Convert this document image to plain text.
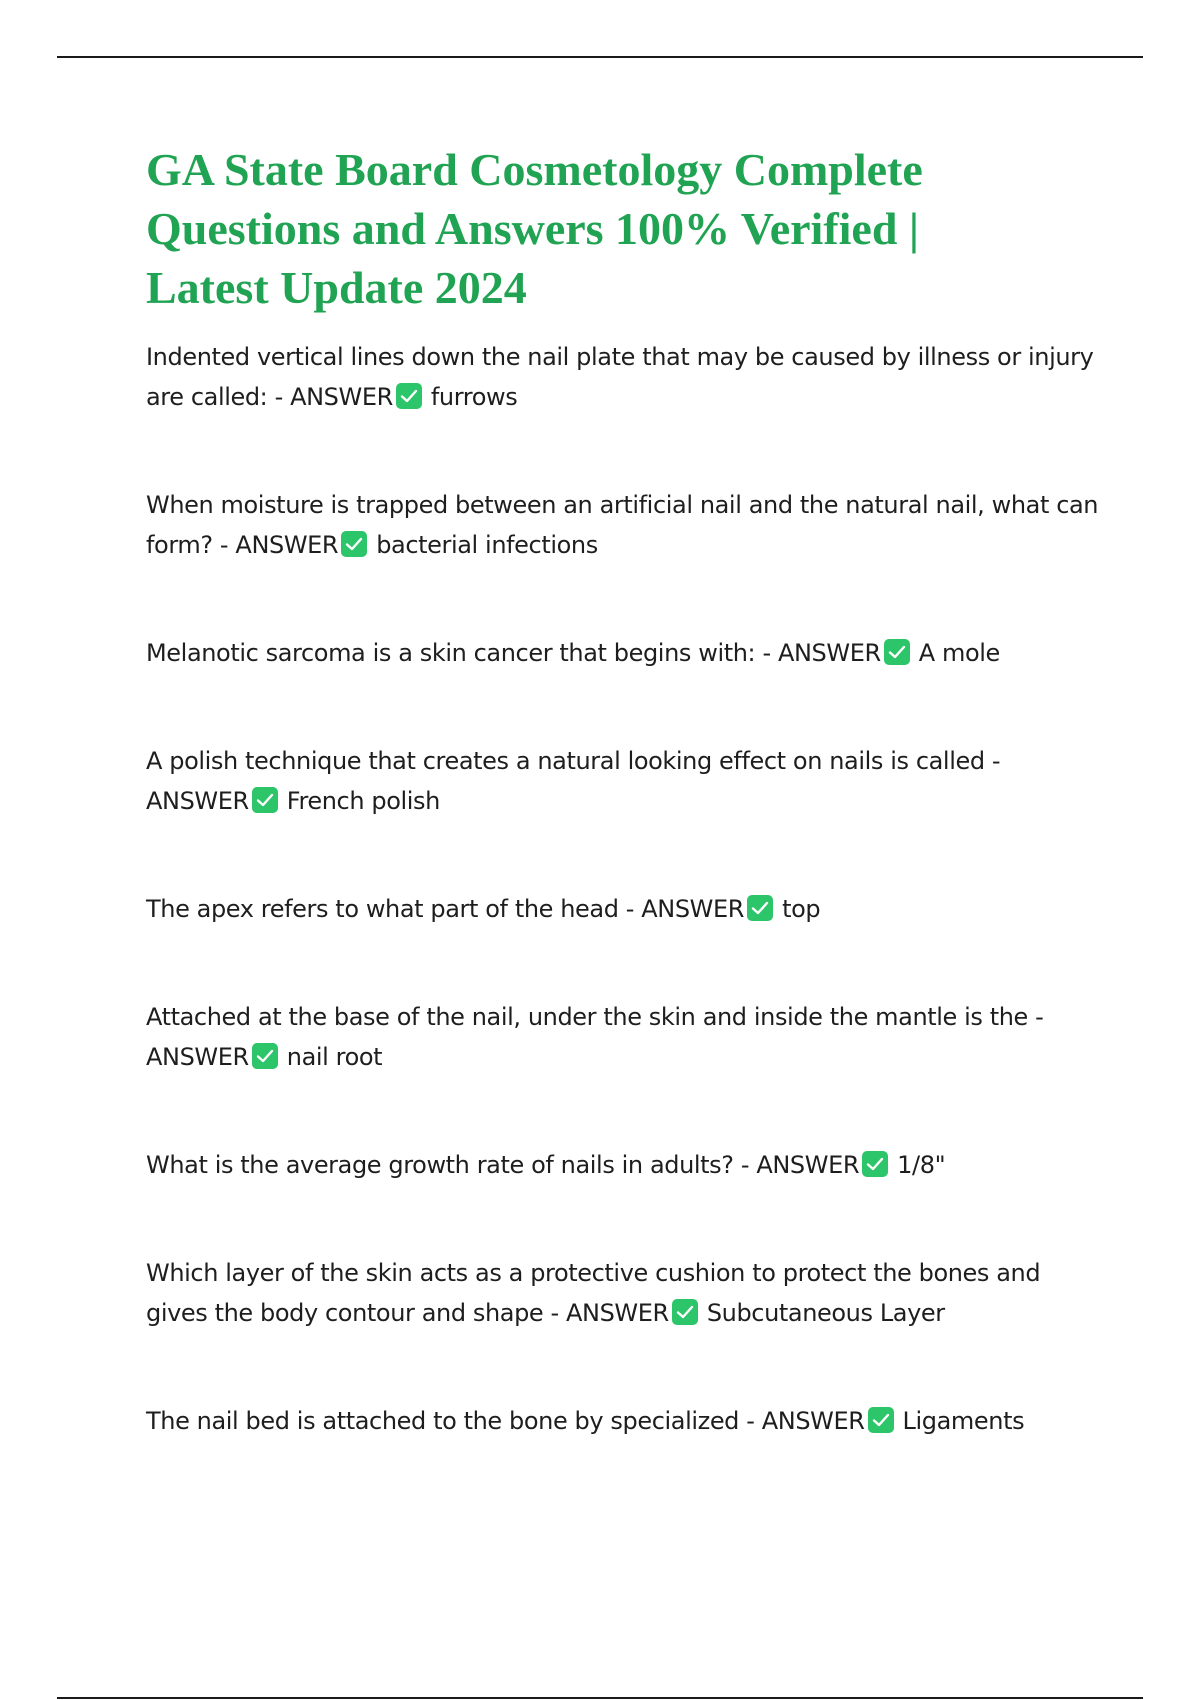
GA State Board Cosmetology Complete Questions and Answers 100% Verified | Latest Update 2024
Indented vertical lines down the nail plate that may be caused by illness or injury are called: - ANSWER furrows
When moisture is trapped between an artificial nail and the natural nail, what can form? - ANSWER bacterial infections
Melanotic sarcoma is a skin cancer that begins with: - ANSWER A mole
A polish technique that creates a natural looking effect on nails is called - ANSWER French polish
The apex refers to what part of the head - ANSWER top
Attached at the base of the nail, under the skin and inside the mantle is the - ANSWER nail root
What is the average growth rate of nails in adults? - ANSWER 1/8"
Which layer of the skin acts as a protective cushion to protect the bones and gives the body contour and shape - ANSWER Subcutaneous Layer
The nail bed is attached to the bone by specialized - ANSWER Ligaments
